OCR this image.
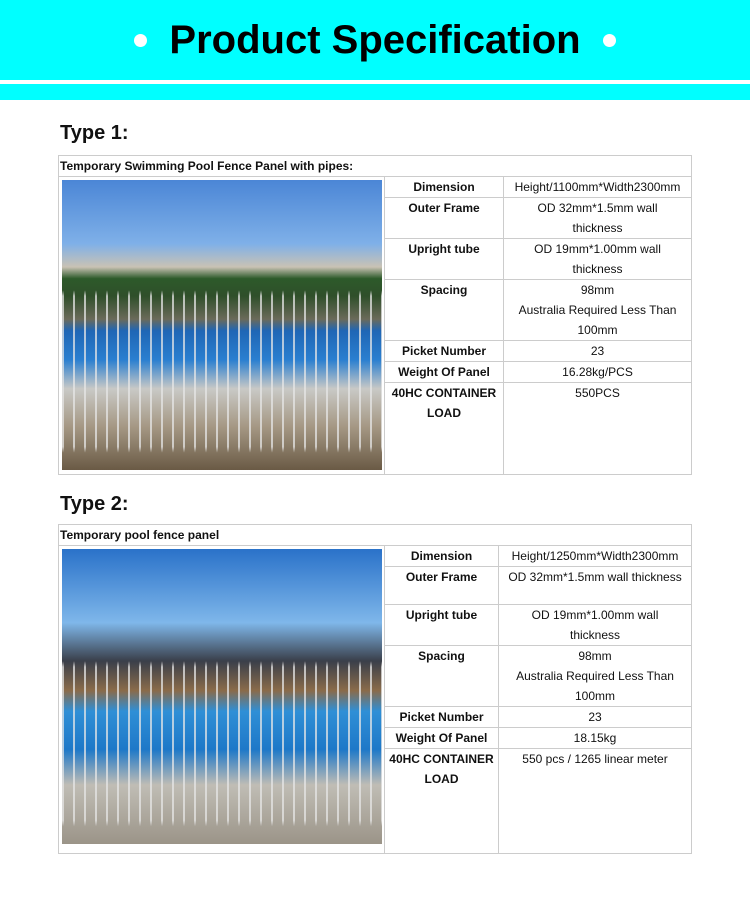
Product Specification
Type 1:
Temporary Swimming Pool Fence Panel with pipes:		

	Dimension	Height/1100mm*Width2300mm
	Outer Frame	OD 32mm*1.5mm wall thickness
	Upright tube	OD 19mm*1.00mm wall thickness
	Spacing	98mm
Australia Required Less Than 100mm

	Picket Number	23
	Weight Of Panel	16.28kg/PCS
	40HC CONTAINER LOAD	550PCS
Type 2:
Temporary pool fence panel		

	Dimension	Height/1250mm*Width2300mm
	Outer Frame	OD 32mm*1.5mm wall thickness
	Upright tube	OD 19mm*1.00mm wall thickness
	Spacing	98mm
Australia Required Less Than 100mm

	Picket Number	23
	Weight Of Panel	18.15kg
	40HC CONTAINER LOAD	550 pcs / 1265 linear meter
